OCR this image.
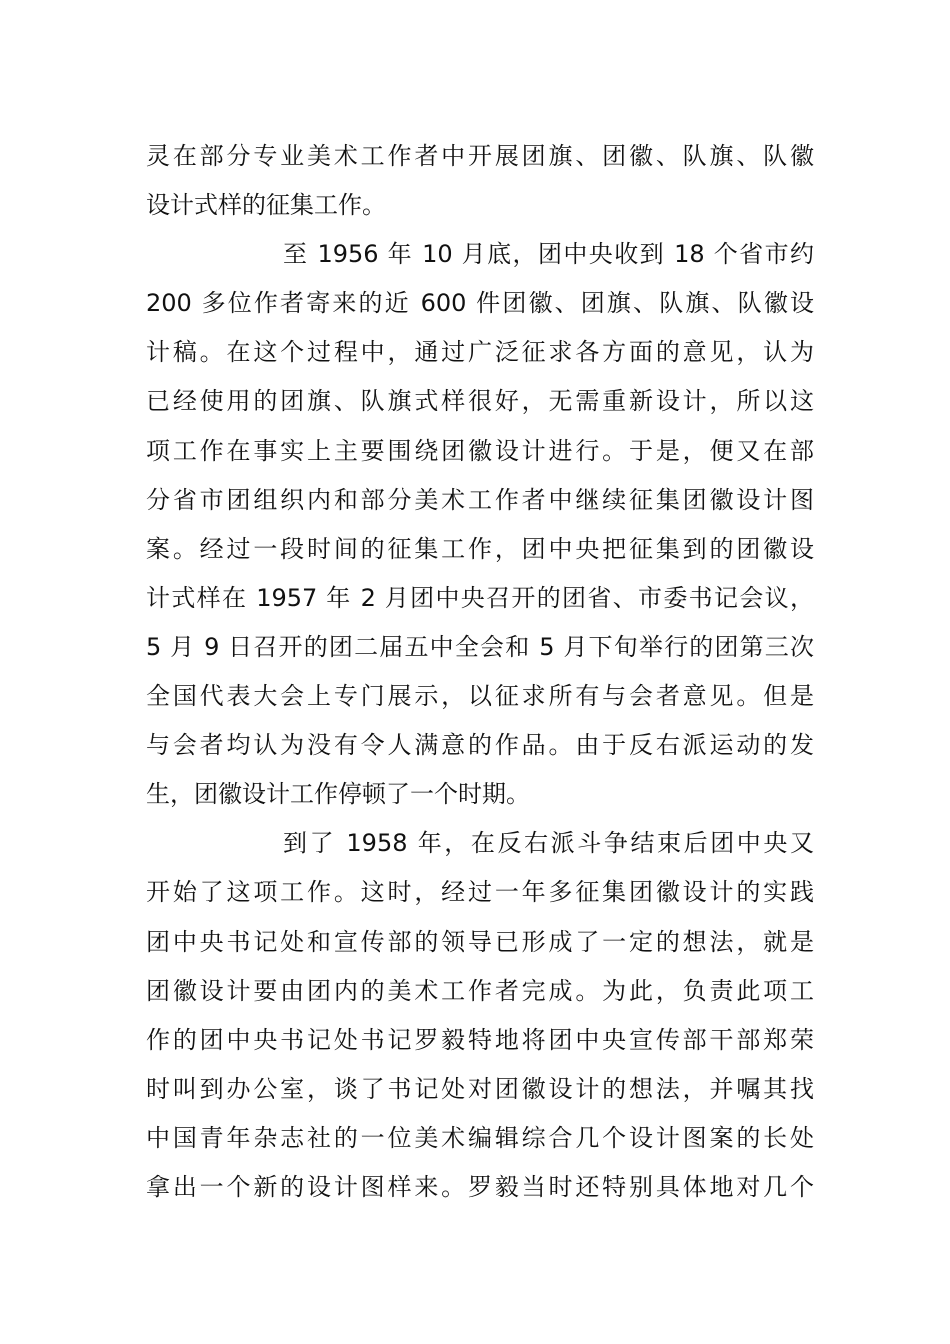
灵在部分专业美术工作者中开展团旗、团徽、队旗、队徽
设计式样的征集工作。
至 1956 年 10 月底，团中央收到 18 个省市约
200 多位作者寄来的近 600 件团徽、团旗、队旗、队徽设
计稿。在这个过程中，通过广泛征求各方面的意见，认为
已经使用的团旗、队旗式样很好，无需重新设计，所以这
项工作在事实上主要围绕团徽设计进行。于是，便又在部
分省市团组织内和部分美术工作者中继续征集团徽设计图
案。经过一段时间的征集工作，团中央把征集到的团徽设
计式样在 1957 年 2 月团中央召开的团省、市委书记会议，
5 月 9 日召开的团二届五中全会和 5 月下旬举行的团第三次
全国代表大会上专门展示，以征求所有与会者意见。但是
与会者均认为没有令人满意的作品。由于反右派运动的发
生，团徽设计工作停顿了一个时期。
到了 1958 年，在反右派斗争结束后团中央又
开始了这项工作。这时，经过一年多征集团徽设计的实践
团中央书记处和宣传部的领导已形成了一定的想法，就是
团徽设计要由团内的美术工作者完成。为此，负责此项工
作的团中央书记处书记罗毅特地将团中央宣传部干部郑荣
时叫到办公室，谈了书记处对团徽设计的想法，并嘱其找
中国青年杂志社的一位美术编辑综合几个设计图案的长处
拿出一个新的设计图样来。罗毅当时还特别具体地对几个
